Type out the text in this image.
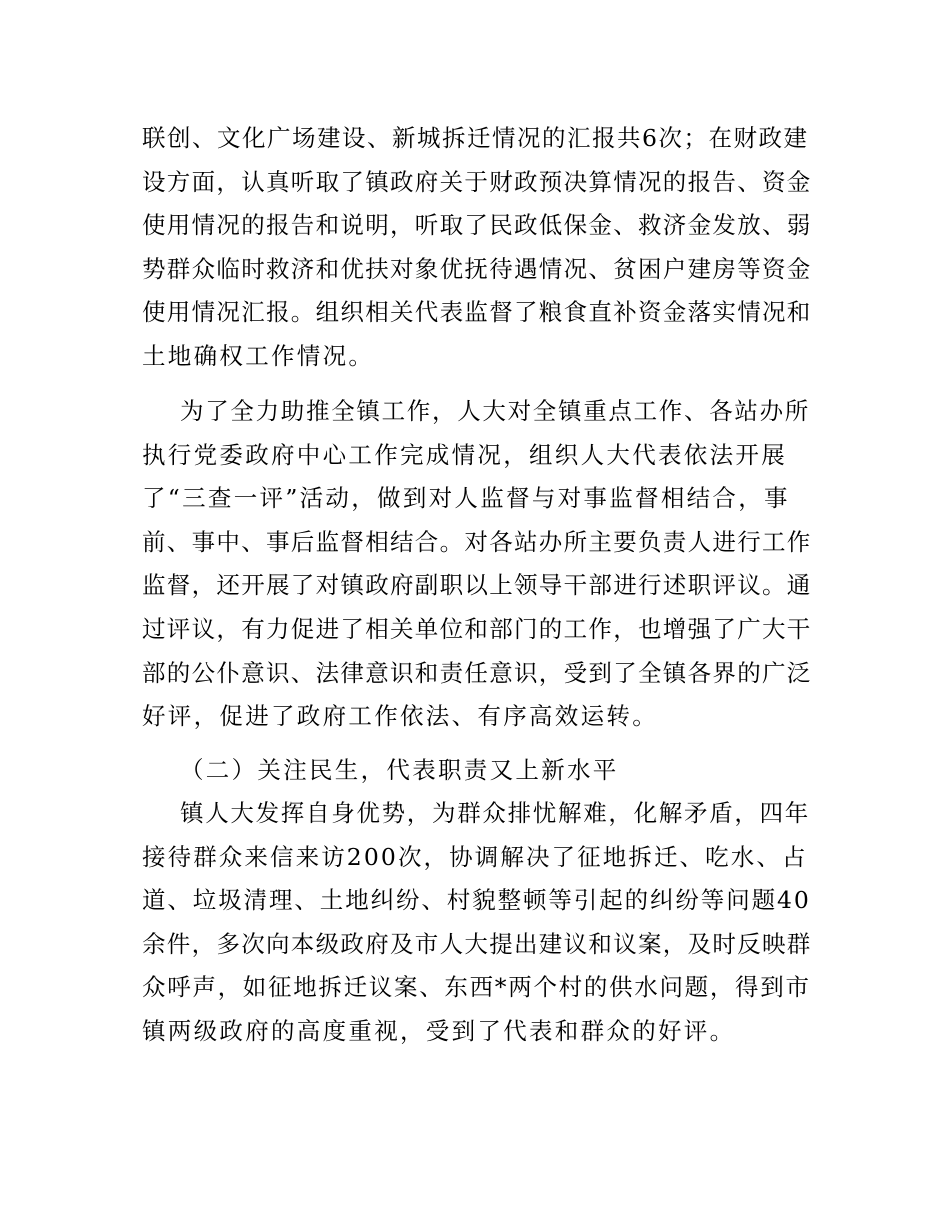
联创、文化广场建设、新城拆迁情况的汇报共6次；在财政建
设方面，认真听取了镇政府关于财政预决算情况的报告、资金
使用情况的报告和说明，听取了民政低保金、救济金发放、弱
势群众临时救济和优扶对象优抚待遇情况、贫困户建房等资金
使用情况汇报。组织相关代表监督了粮食直补资金落实情况和
土地确权工作情况。
为了全力助推全镇工作，人大对全镇重点工作、各站办所
执行党委政府中心工作完成情况，组织人大代表依法开展
了“三查一评”活动，做到对人监督与对事监督相结合，事
前、事中、事后监督相结合。对各站办所主要负责人进行工作
监督，还开展了对镇政府副职以上领导干部进行述职评议。通
过评议，有力促进了相关单位和部门的工作，也增强了广大干
部的公仆意识、法律意识和责任意识，受到了全镇各界的广泛
好评，促进了政府工作依法、有序高效运转。
（二）关注民生，代表职责又上新水平
镇人大发挥自身优势，为群众排忧解难，化解矛盾，四年
接待群众来信来访200次，协调解决了征地拆迁、吃水、占
道、垃圾清理、土地纠纷、村貌整顿等引起的纠纷等问题40
余件，多次向本级政府及市人大提出建议和议案，及时反映群
众呼声，如征地拆迁议案、东西*两个村的供水问题，得到市
镇两级政府的高度重视，受到了代表和群众的好评。
